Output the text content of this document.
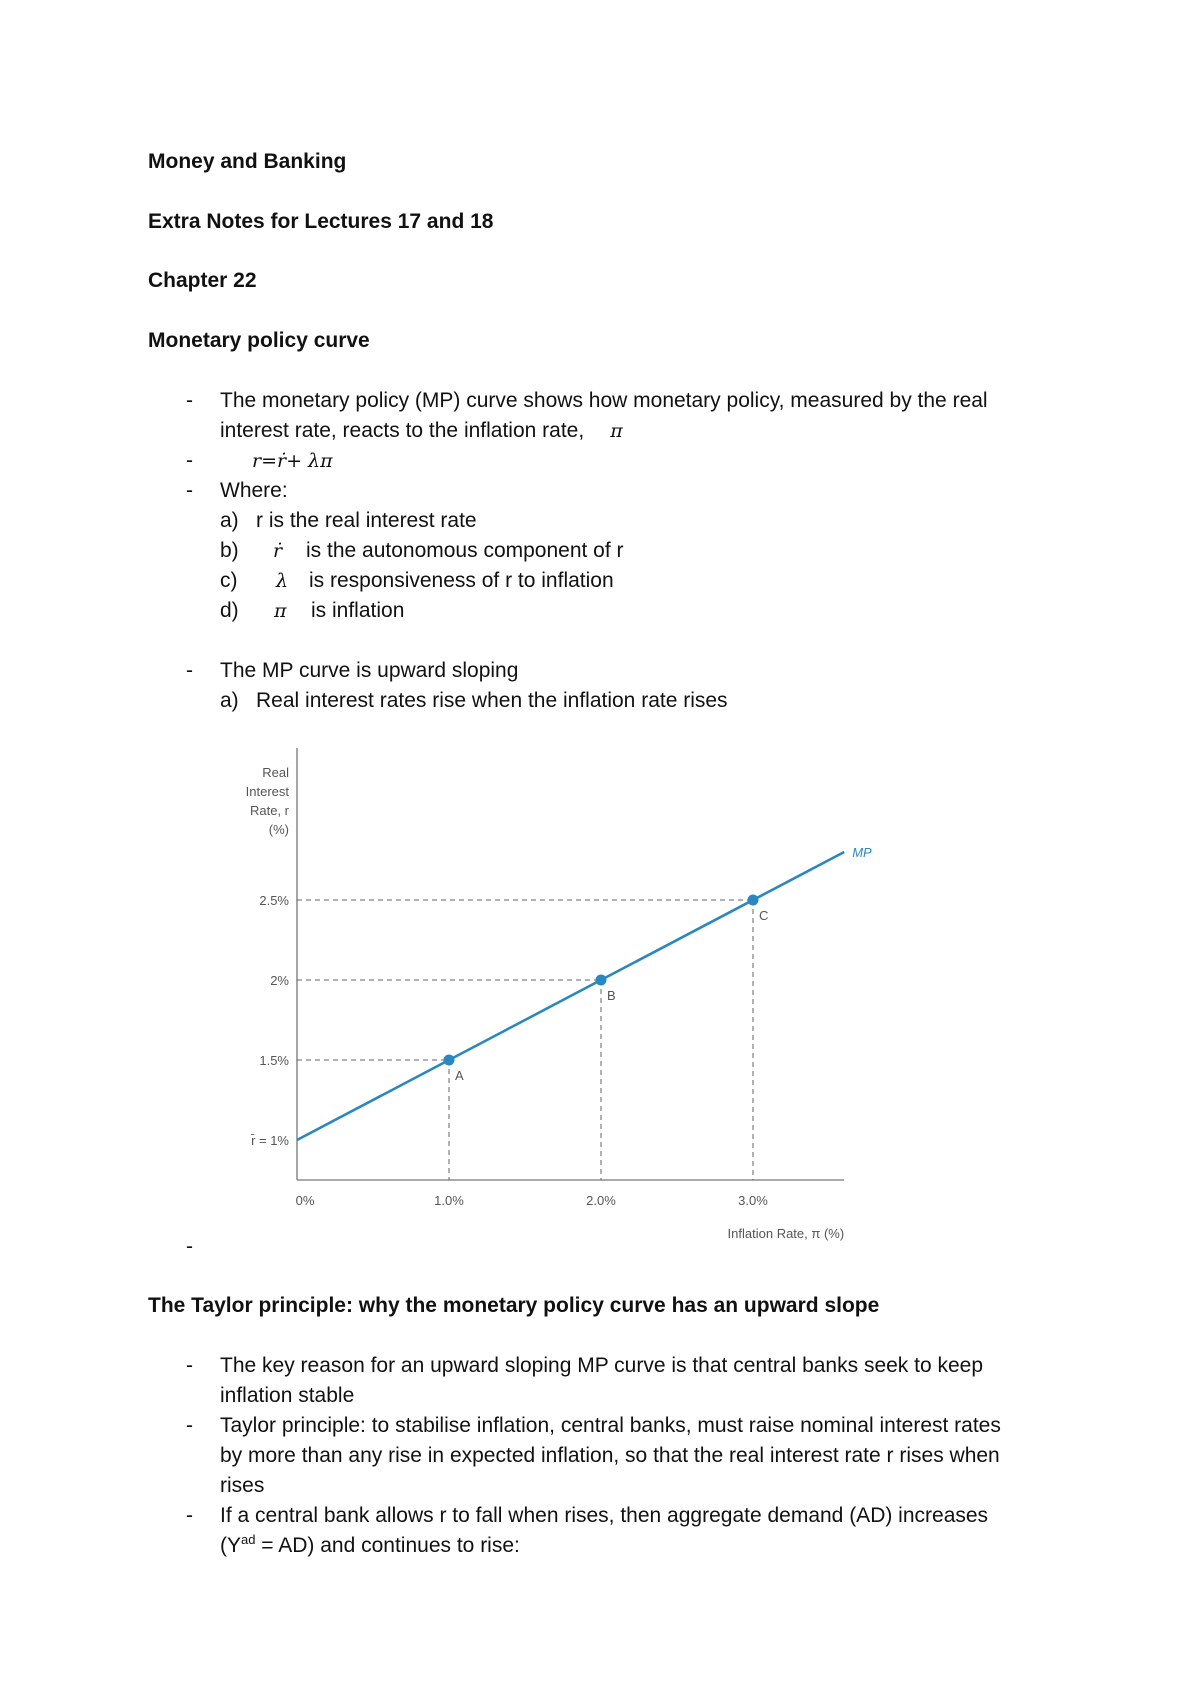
Money and Banking
Extra Notes for Lectures 17 and 18
Chapter 22
Monetary policy curve
- The monetary policy (MP) curve shows how monetary policy, measured by the real
interest rate, reacts to the inflation rate, π
-	r=ṙ+ λπ
- Where:
a) r is the real interest rate
b) ṙ is the autonomous component of r
c) λ is responsiveness of r to inflation
d) π is inflation
- The MP curve is upward sloping
a) Real interest rates rise when the inflation rate rises
Real
Interest
Rate, r
(%)
Inflation Rate, π (%)
0%	1.0%	2.0%	3.0%
r̄ = 1%
1.5%
2%
2.5%
MP
A
B
C
-
The Taylor principle: why the monetary policy curve has an upward slope
- The key reason for an upward sloping MP curve is that central banks seek to keep
inflation stable
- Taylor principle: to stabilise inflation, central banks, must raise nominal interest rates
by more than any rise in expected inflation, so that the real interest rate r rises when
rises
- If a central bank allows r to fall when rises, then aggregate demand (AD) increases
$(Y^{ad} = AD)$ and continues to rise:
